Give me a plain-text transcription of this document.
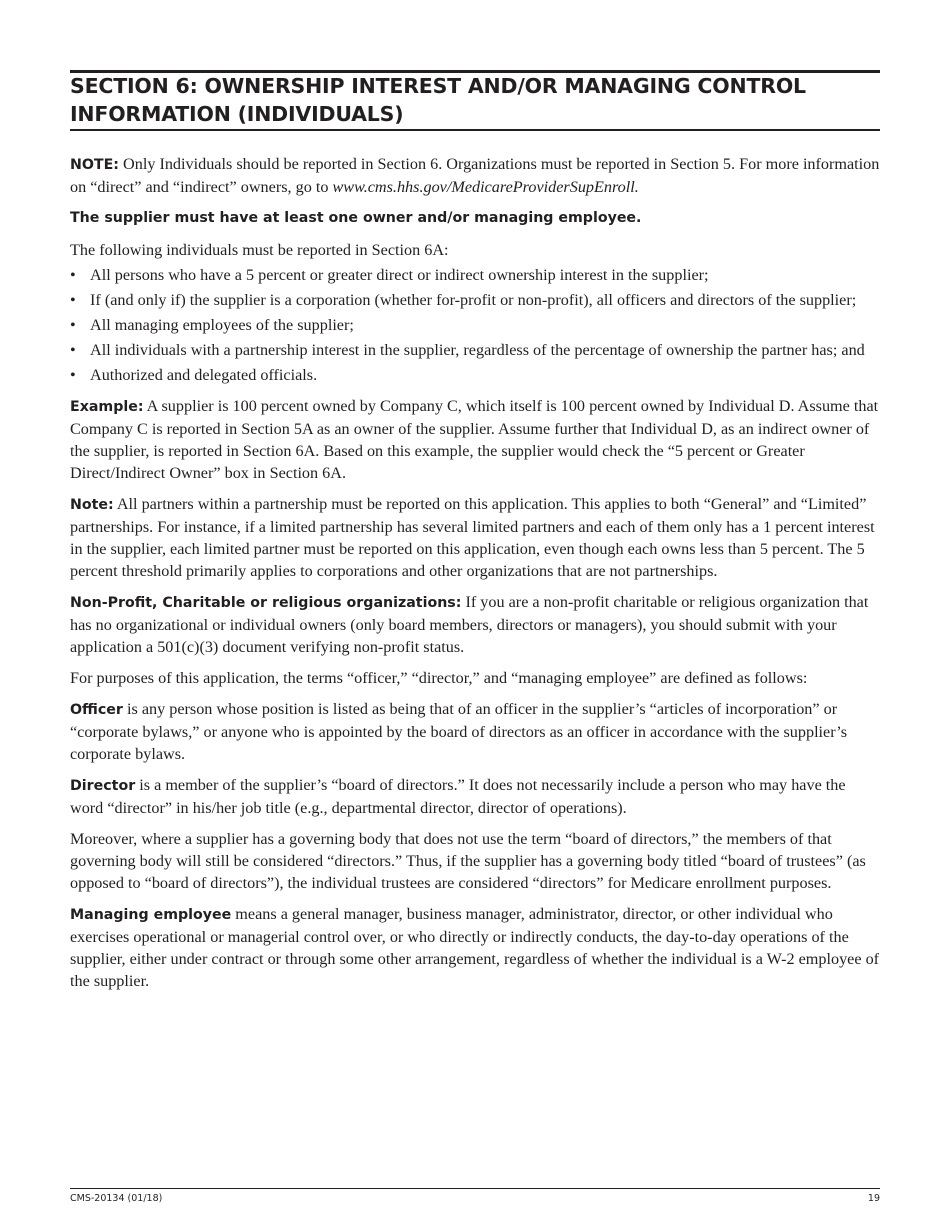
SECTION 6: OWNERSHIP INTEREST AND/OR MANAGING CONTROL INFORMATION (INDIVIDUALS)

NOTE: Only Individuals should be reported in Section 6. Organizations must be reported in Section 5. For more information on “direct” and “indirect” owners, go to www.cms.hhs.gov/MedicareProviderSupEnroll.

The supplier must have at least one owner and/or managing employee.

The following individuals must be reported in Section 6A:

• All persons who have a 5 percent or greater direct or indirect ownership interest in the supplier;
• If (and only if) the supplier is a corporation (whether for-profit or non-profit), all officers and directors of the supplier;
• All managing employees of the supplier;
• All individuals with a partnership interest in the supplier, regardless of the percentage of ownership the partner has; and
• Authorized and delegated officials.

Example: A supplier is 100 percent owned by Company C, which itself is 100 percent owned by Individual D. Assume that Company C is reported in Section 5A as an owner of the supplier. Assume further that Individual D, as an indirect owner of the supplier, is reported in Section 6A. Based on this example, the supplier would check the “5 percent or Greater Direct/Indirect Owner” box in Section 6A.

Note: All partners within a partnership must be reported on this application. This applies to both “General” and “Limited” partnerships. For instance, if a limited partnership has several limited partners and each of them only has a 1 percent interest in the supplier, each limited partner must be reported on this application, even though each owns less than 5 percent. The 5 percent threshold primarily applies to corporations and other organizations that are not partnerships.

Non-Profit, Charitable or religious organizations: If you are a non-profit charitable or religious organization that has no organizational or individual owners (only board members, directors or managers), you should submit with your application a 501(c)(3) document verifying non-profit status.

For purposes of this application, the terms “officer,” “director,” and “managing employee” are defined as follows:

Officer is any person whose position is listed as being that of an officer in the supplier’s “articles of incorporation” or “corporate bylaws,” or anyone who is appointed by the board of directors as an officer in accordance with the supplier’s corporate bylaws.

Director is a member of the supplier’s “board of directors.” It does not necessarily include a person who may have the word “director” in his/her job title (e.g., departmental director, director of operations).

Moreover, where a supplier has a governing body that does not use the term “board of directors,” the members of that governing body will still be considered “directors.” Thus, if the supplier has a governing body titled “board of trustees” (as opposed to “board of directors”), the individual trustees are considered “directors” for Medicare enrollment purposes.

Managing employee means a general manager, business manager, administrator, director, or other individual who exercises operational or managerial control over, or who directly or indirectly conducts, the day-to-day operations of the supplier, either under contract or through some other arrangement, regardless of whether the individual is a W-2 employee of the supplier.

CMS-20134 (01/18)	19
